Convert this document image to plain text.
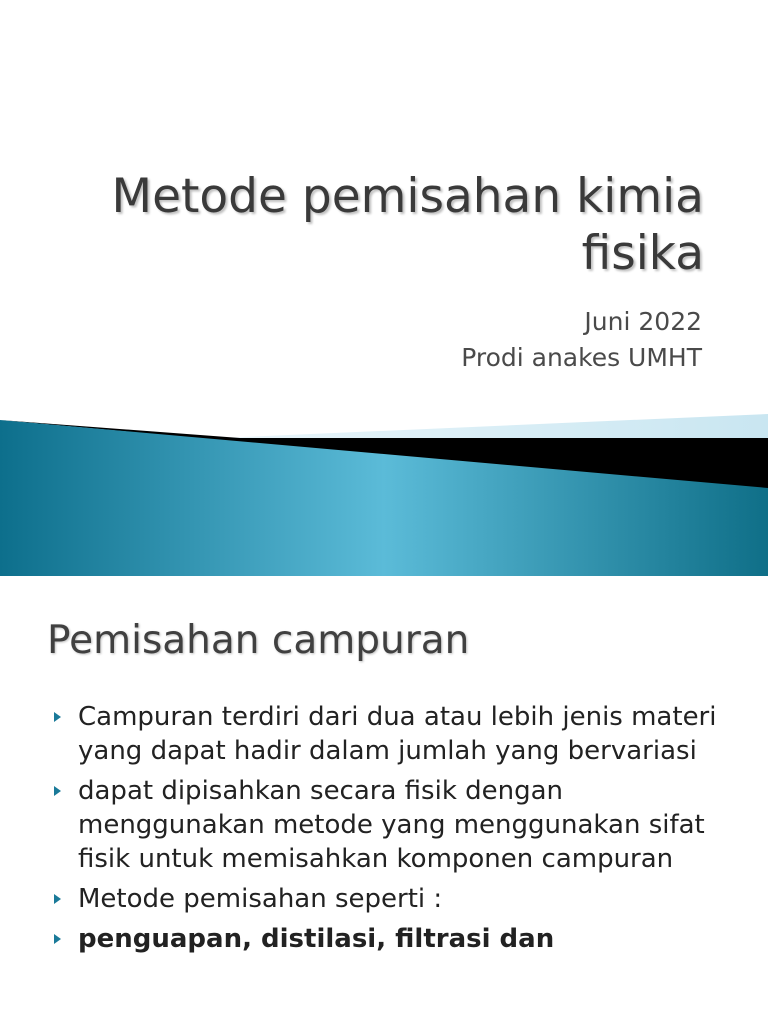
Metode pemisahan kimia
fisika
Juni 2022
Prodi anakes UMHT
Pemisahan campuran
Campuran terdiri dari dua atau lebih jenis materi yang dapat hadir dalam jumlah yang bervariasi
dapat dipisahkan secara fisik dengan menggunakan metode yang menggunakan sifat fisik untuk memisahkan komponen campuran
Metode pemisahan seperti :
penguapan, distilasi, filtrasi dan
